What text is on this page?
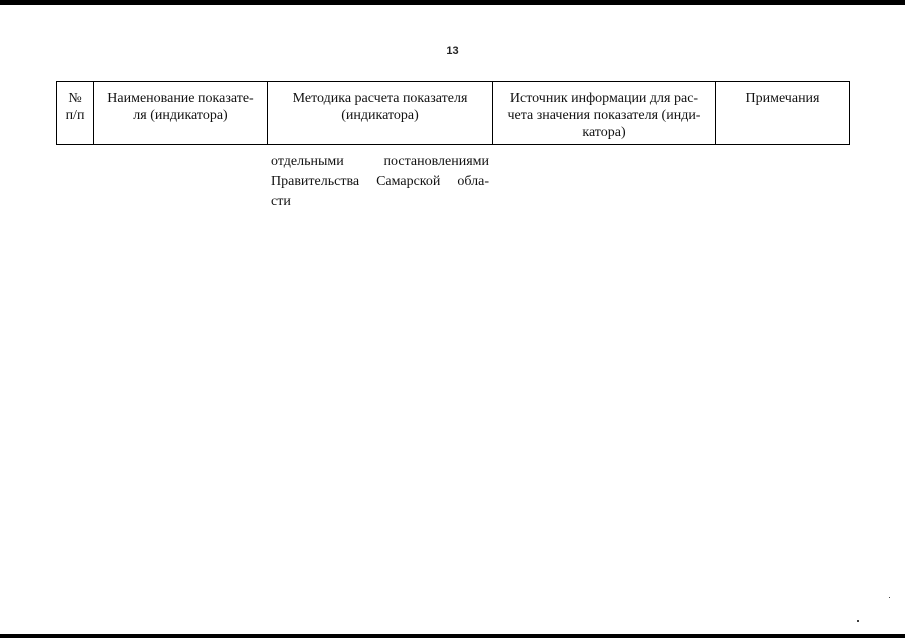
13
№
п/п
Наименование показате-
ля (индикатора)
Методика расчета показателя
(индикатора)
Источник информации для рас-
чета значения показателя (инди-
катора)
Примечания
отдельными	постановлениями
Правительства Самарской обла-
сти
